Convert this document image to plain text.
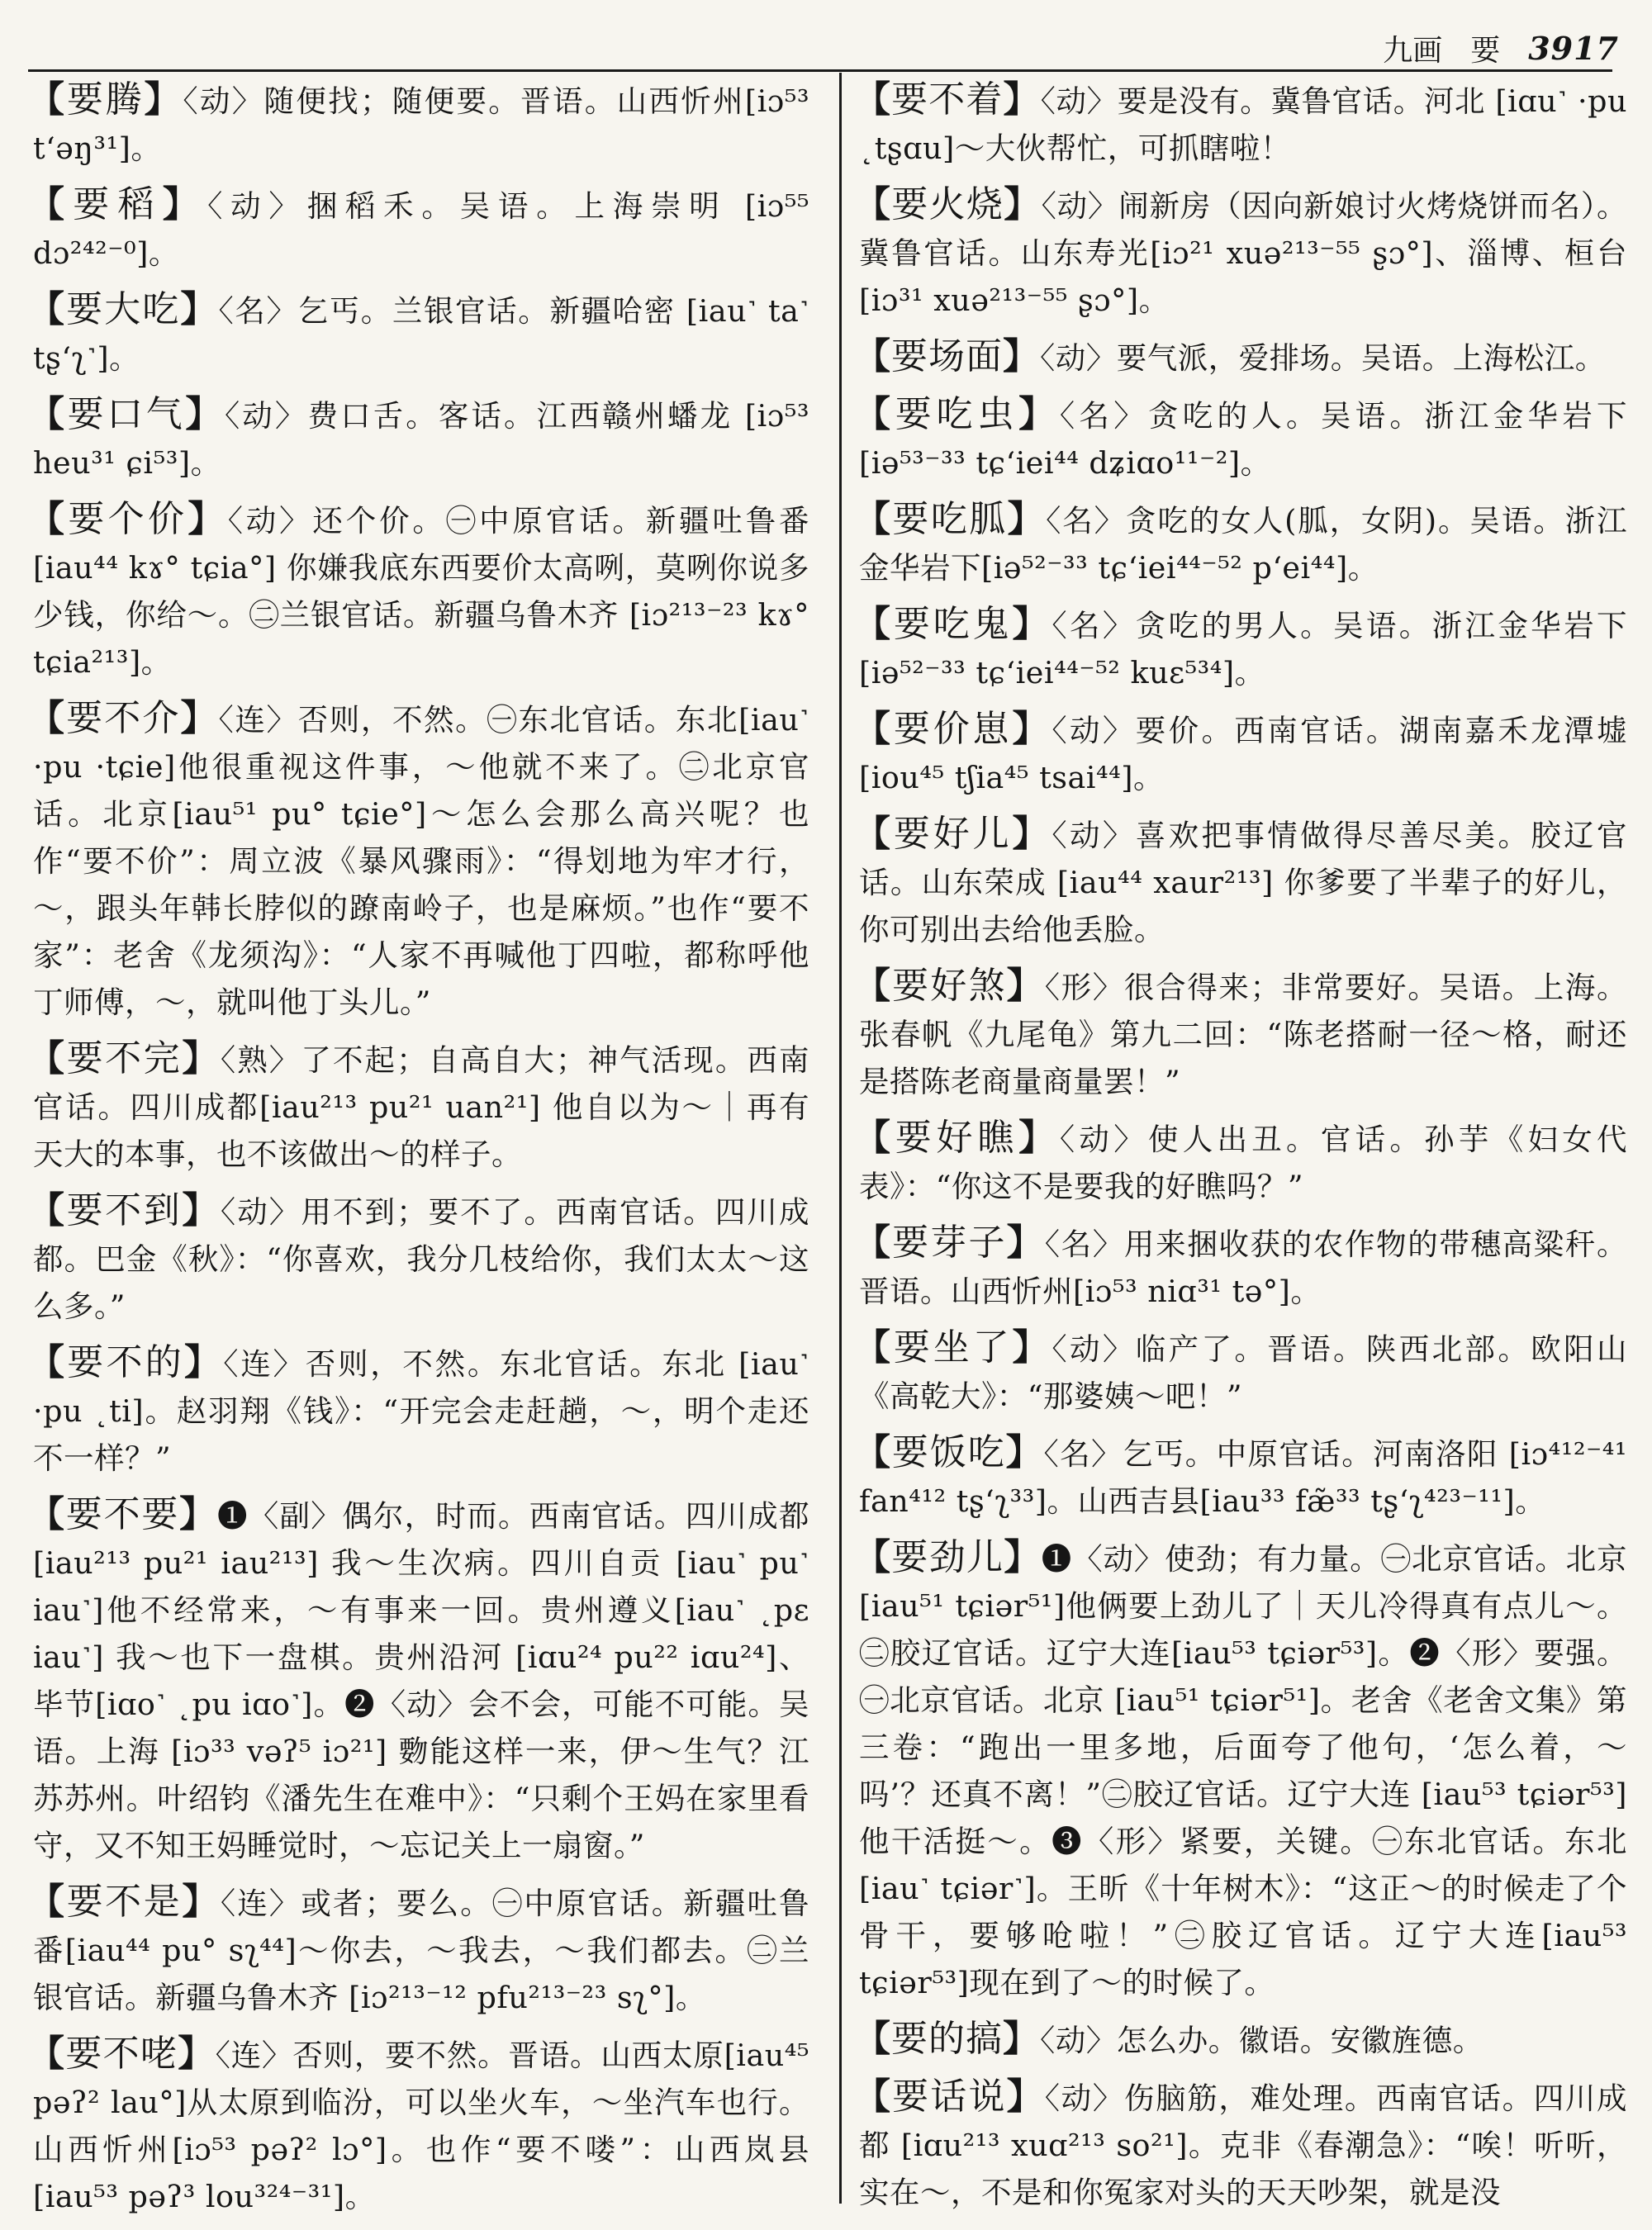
九画 要 3917

【要腾】〈动〉随便找；随便要。晋语。山西忻州[iɔ⁵³ t‘əŋ³¹]。

【要稻】〈动〉捆稻禾。吴语。上海崇明 [iɔ⁵⁵ dɔ²⁴²⁻⁰]。

【要大吃】〈名〉乞丐。兰银官话。新疆哈密 [iau˺ ta˺ tʂ‘ʅ˺]。

【要口气】〈动〉费口舌。客话。江西赣州蟠龙 [iɔ⁵³ heu³¹ ɕi⁵³]。

【要个价】〈动〉还个价。㊀中原官话。新疆吐鲁番 [iau⁴⁴ kɤ° tɕia°] 你嫌我底东西要价太高咧，莫咧你说多少钱，你给～。㊁兰银官话。新疆乌鲁木齐 [iɔ²¹³⁻²³ kɤ° tɕia²¹³]。

【要不介】〈连〉否则，不然。㊀东北官话。东北[iau˺ ·pu ·tɕie]他很重视这件事，～他就不来了。㊁北京官话。北京[iau⁵¹ pu° tɕie°]～怎么会那么高兴呢？也作“要不价”：周立波《暴风骤雨》：“得划地为牢才行，～，跟头年韩长脖似的蹽南岭子，也是麻烦。”也作“要不家”：老舍《龙须沟》：“人家不再喊他丁四啦，都称呼他丁师傅，～，就叫他丁头儿。”

【要不完】〈熟〉了不起；自高自大；神气活现。西南官话。四川成都[iau²¹³ pu²¹ uan²¹] 他自以为～｜再有天大的本事，也不该做出～的样子。

【要不到】〈动〉用不到；要不了。西南官话。四川成都。巴金《秋》：“你喜欢，我分几枝给你，我们太太～这么多。”

【要不的】〈连〉否则，不然。东北官话。东北 [iau˺ ·pu ˛ti]。赵羽翔《钱》：“开完会走赶趟，～，明个走还不一样？”

【要不要】❶〈副〉偶尔，时而。西南官话。四川成都 [iau²¹³ pu²¹ iau²¹³] 我～生次病。四川自贡 [iau˺ pu˺ iau˺]他不经常来，～有事来一回。贵州遵义[iau˺ ˛pɛ iau˺] 我～也下一盘棋。贵州沿河 [iɑu²⁴ pu²² iɑu²⁴]、毕节[iɑo˺ ˛pu iɑo˺]。❷〈动〉会不会，可能不可能。吴语。上海 [iɔ³³ vəʔ⁵ iɔ²¹] 覅能这样一来，伊～生气？江苏苏州。叶绍钧《潘先生在难中》：“只剩个王妈在家里看守，又不知王妈睡觉时，～忘记关上一扇窗。”

【要不是】〈连〉或者；要么。㊀中原官话。新疆吐鲁番[iau⁴⁴ pu° sʅ⁴⁴]～你去，～我去，～我们都去。㊁兰银官话。新疆乌鲁木齐 [iɔ²¹³⁻¹² pfu²¹³⁻²³ sʅ°]。

【要不咾】〈连〉否则，要不然。晋语。山西太原[iau⁴⁵ pəʔ² lau°]从太原到临汾，可以坐火车，～坐汽车也行。山西忻州[iɔ⁵³ pəʔ² lɔ°]。也作“要不喽”：山西岚县[iau⁵³ pəʔ³ lou³²⁴⁻³¹]。

【要不着】〈动〉要是没有。冀鲁官话。河北 [iɑu˺ ·pu ˛tʂɑu]～大伙帮忙，可抓瞎啦！

【要火烧】〈动〉闹新房（因向新娘讨火烤烧饼而名）。冀鲁官话。山东寿光[iɔ²¹ xuə²¹³⁻⁵⁵ ʂɔ°]、淄博、桓台[iɔ³¹ xuə²¹³⁻⁵⁵ ʂɔ°]。

【要场面】〈动〉要气派，爱排场。吴语。上海松江。

【要吃虫】〈名〉贪吃的人。吴语。浙江金华岩下 [iə⁵³⁻³³ tɕ‘iei⁴⁴ dʑiɑo¹¹⁻²]。

【要吃胍】〈名〉贪吃的女人(胍，女阴)。吴语。浙江金华岩下[iə⁵²⁻³³ tɕ‘iei⁴⁴⁻⁵² p‘ei⁴⁴]。

【要吃鬼】〈名〉贪吃的男人。吴语。浙江金华岩下 [iə⁵²⁻³³ tɕ‘iei⁴⁴⁻⁵² kuɛ⁵³⁴]。

【要价崽】〈动〉要价。西南官话。湖南嘉禾龙潭墟 [iou⁴⁵ tʃia⁴⁵ tsai⁴⁴]。

【要好儿】〈动〉喜欢把事情做得尽善尽美。胶辽官话。山东荣成 [iau⁴⁴ xaur²¹³] 你爹要了半辈子的好儿，你可别出去给他丢脸。

【要好煞】〈形〉很合得来；非常要好。吴语。上海。张春帆《九尾龟》第九二回：“陈老搭耐一径～格，耐还是搭陈老商量商量罢！”

【要好瞧】〈动〉使人出丑。官话。孙芋《妇女代表》：“你这不是要我的好瞧吗？”

【要芽子】〈名〉用来捆收获的农作物的带穗高粱秆。晋语。山西忻州[iɔ⁵³ niɑ³¹ tə°]。

【要坐了】〈动〉临产了。晋语。陕西北部。欧阳山《高乾大》：“那婆姨～吧！”

【要饭吃】〈名〉乞丐。中原官话。河南洛阳 [iɔ⁴¹²⁻⁴¹ fan⁴¹² tʂ‘ʅ³³]。山西吉县[iau³³ fæ̃³³ tʂ‘ʅ⁴²³⁻¹¹]。

【要劲儿】❶〈动〉使劲；有力量。㊀北京官话。北京 [iau⁵¹ tɕiər⁵¹]他俩要上劲儿了｜天儿冷得真有点儿～。㊁胶辽官话。辽宁大连[iau⁵³ tɕiər⁵³]。❷〈形〉要强。㊀北京官话。北京 [iau⁵¹ tɕiər⁵¹]。老舍《老舍文集》第三卷：“跑出一里多地，后面夸了他句，‘怎么着，～吗’？还真不离！”㊁胶辽官话。辽宁大连 [iau⁵³ tɕiər⁵³] 他干活挺～。❸〈形〉紧要，关键。㊀东北官话。东北[iau˺ tɕiər˺]。王昕《十年树木》：“这正～的时候走了个骨干，要够呛啦！”㊁胶辽官话。辽宁大连[iau⁵³ tɕiər⁵³]现在到了～的时候了。

【要的搞】〈动〉怎么办。徽语。安徽旌德。

【要话说】〈动〉伤脑筋，难处理。西南官话。四川成都 [iɑu²¹³ xuɑ²¹³ so²¹]。克非《春潮急》：“唉！听听，实在～，不是和你冤家对头的天天吵架，就是没
